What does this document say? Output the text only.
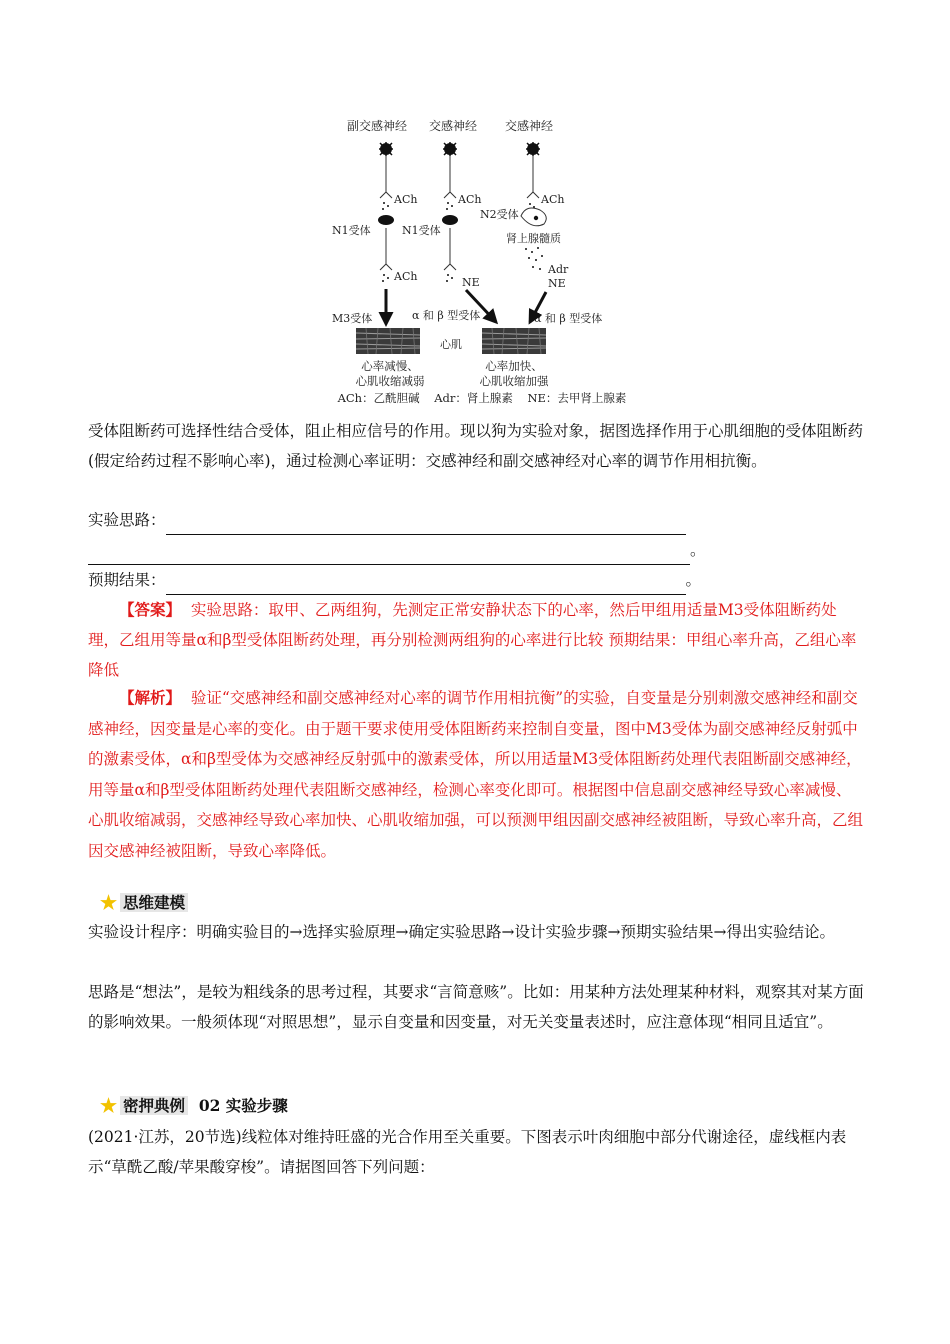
副交感神经 交感神经 交感神经
ACh	ACh	ACh
ACh
N1受体	N1受体
N2受体
肾上腺髓质
NE
Adr
NE
M3受体	α 和 β 型受体	α 和 β 型受体
心肌
心率减慢、
心肌收缩减弱
心率加快、
心肌收缩加强
ACh：乙酰胆碱    Adr：肾上腺素    NE：去甲肾上腺素
受体阻断药可选择性结合受体，阻止相应信号的作用。现以狗为实验对象，据图选择作用于心肌细胞的受体阻断药(假定给药过程不影响心率)，通过检测心率证明：交感神经和副交感神经对心率的调节作用相抗衡。
实验思路：
。
预期结果：	。
【答案】 实验思路：取甲、乙两组狗，先测定正常安静状态下的心率，然后甲组用适量M3受体阻断药处理，乙组用等量α和β型受体阻断药处理，再分别检测两组狗的心率进行比较 预期结果：甲组心率升高，乙组心率降低
【解析】 验证“交感神经和副交感神经对心率的调节作用相抗衡”的实验，自变量是分别刺激交感神经和副交感神经，因变量是心率的变化。由于题干要求使用受体阻断药来控制自变量，图中M3受体为副交感神经反射弧中的激素受体，α和β型受体为交感神经反射弧中的激素受体，所以用适量M3受体阻断药处理代表阻断副交感神经，用等量α和β型受体阻断药处理代表阻断交感神经，检测心率变化即可。根据图中信息副交感神经导致心率减慢、心肌收缩减弱，交感神经导致心率加快、心肌收缩加强，可以预测甲组因副交感神经被阻断，导致心率升高，乙组因交感神经被阻断，导致心率降低。
★ 思维建模
实验设计程序：明确实验目的→选择实验原理→确定实验思路→设计实验步骤→预期实验结果→得出实验结论。
思路是“想法”，是较为粗线条的思考过程，其要求“言简意赅”。比如：用某种方法处理某种材料，观察其对某方面的影响效果。一般须体现“对照思想”，显示自变量和因变量，对无关变量表述时，应注意体现“相同且适宜”。
★ 密押典例 02 实验步骤
(2021·江苏，20节选)线粒体对维持旺盛的光合作用至关重要。下图表示叶肉细胞中部分代谢途径，虚线框内表示“草酰乙酸/苹果酸穿梭”。请据图回答下列问题：
